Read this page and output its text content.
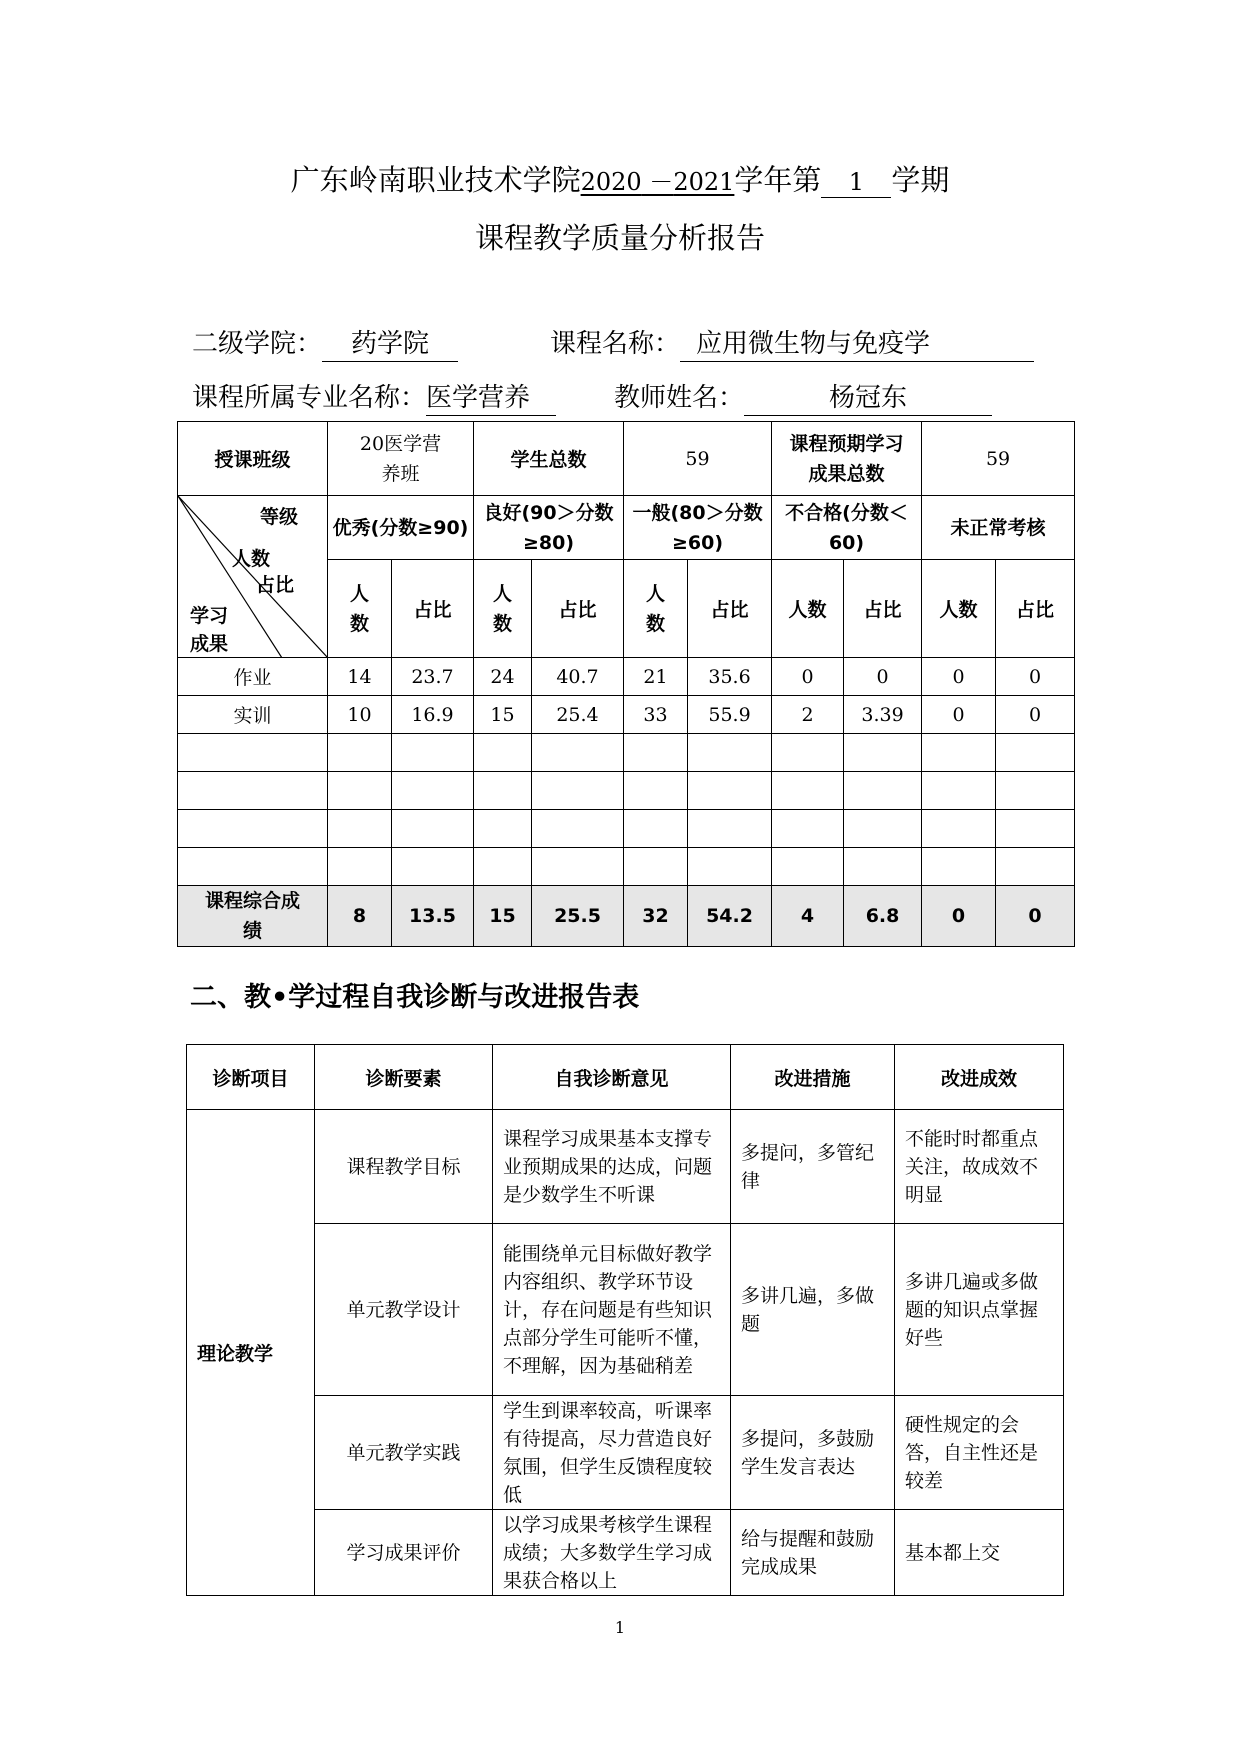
广东岭南职业技术学院2020 －2021学年第 1 学期
课程教学质量分析报告
二级学院： 药学院	课程名称： 应用微生物与免疫学
课程所属专业名称：医学营养	教师姓名：	杨冠东
授课班级	20医学营养班		学生总数		59		课程预期学习成果总数		59	

等级
人数
占比
学习成果	优秀(分数≥90)		良好(90＞分数≥80)		一般(80＞分数≥60)		不合格(分数＜60)		未正常考核	
	人数	占比	人数	占比	人数	占比	人数	占比	人数	占比
作业	14	23.7	24	40.7	21	35.6	0	0	0	0
实训	10	16.9	15	25.4	33	55.9	2	3.39	0	0

课程综合成绩	8	13.5	15	25.5	32	54.2	4	6.8	0	0
二、教•学过程自我诊断与改进报告表
诊断项目	诊断要素	自我诊断意见	改进措施	改进成效
理论教学	课程教学目标	课程学习成果基本支撑专业预期成果的达成，问题是少数学生不听课	多提问，多管纪律	不能时时都重点关注，故成效不明显
	单元教学设计	能围绕单元目标做好教学内容组织、教学环节设计，存在问题是有些知识点部分学生可能听不懂，不理解，因为基础稍差	多讲几遍，多做题	多讲几遍或多做题的知识点掌握好些
	单元教学实践	学生到课率较高，听课率有待提高，尽力营造良好氛围，但学生反馈程度较低	多提问，多鼓励学生发言表达	硬性规定的会答，自主性还是较差
	学习成果评价	以学习成果考核学生课程成绩；大多数学生学习成果获合格以上	给与提醒和鼓励完成成果	基本都上交
1
